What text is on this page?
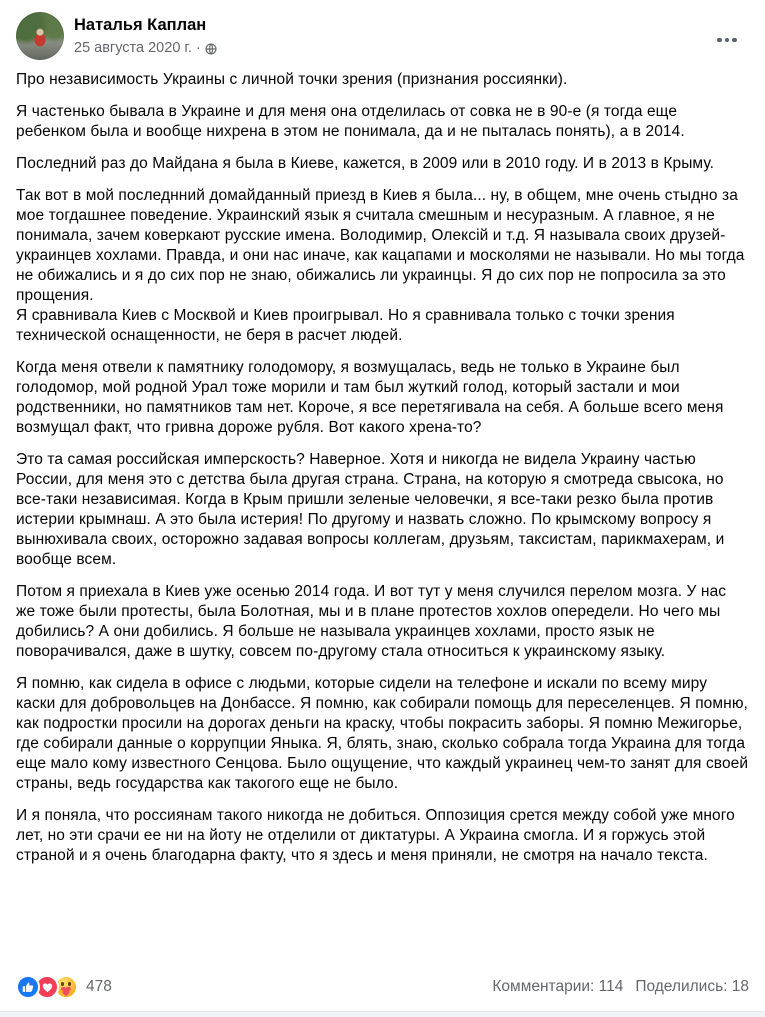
Наталья Каплан
25 августа 2020 г. ·

Про независимость Украины с личной точки зрения (признания россиянки).

Я частенько бывала в Украине и для меня она отделилась от совка не в 90-е (я тогда еще ребенком была и вообще нихрена в этом не понимала, да и не пыталась понять), а в 2014.

Последний раз до Майдана я была в Киеве, кажется, в 2009 или в 2010 году. И в 2013 в Крыму.

Так вот в мой последнний домайданный приезд в Киев я была... ну, в общем, мне очень стыдно за мое тогдашнее поведение. Украинский язык я считала смешным и несуразным. А главное, я не понимала, зачем коверкают русские имена. Володимир, Олексій и т.д. Я называла своих друзей-украинцев хохлами. Правда, и они нас иначе, как кацапами и москолями не называли. Но мы тогда не обижались и я до сих пор не знаю, обижались ли украинцы. Я до сих пор не попросила за это прощения.
Я сравнивала Киев с Москвой и Киев проигрывал. Но я сравнивала только с точки зрения технической оснащенности, не беря в расчет людей.

Когда меня отвели к памятнику голодомору, я возмущалась, ведь не только в Украине был голодомор, мой родной Урал тоже морили и там был жуткий голод, который застали и мои родственники, но памятников там нет. Короче, я все перетягивала на себя. А больше всего меня возмущал факт, что гривна дороже рубля. Вот какого хрена-то?

Это та самая российская имперскость? Наверное. Хотя и никогда не видела Украину частью России, для меня это с детства была другая страна. Страна, на которую я смотреда свысока, но все-таки независимая. Когда в Крым пришли зеленые человечки, я все-таки резко была против истерии крымнаш. А это была истерия! По другому и назвать сложно. По крымскому вопросу я вынюхивала своих, осторожно задавая вопросы коллегам, друзьям, таксистам, парикмахерам, и вообще всем.

Потом я приехала в Киев уже осенью 2014 года. И вот тут у меня случился перелом мозга. У нас же тоже были протесты, была Болотная, мы и в плане протестов хохлов опередели. Но чего мы добились? А они добились. Я больше не называла украинцев хохлами, просто язык не поворачивался, даже в шутку, совсем по-другому стала относиться к украинскому языку.

Я помню, как сидела в офисе с людьми, которые сидели на телефоне и искали по всему миру каски для добровольцев на Донбассе. Я помню, как собирали помощь для переселенцев. Я помню, как подростки просили на дорогах деньги на краску, чтобы покрасить заборы. Я помню Межигорье, где собирали данные о коррупции Яныка. Я, блять, знаю, сколько собрала тогда Украина для тогда еще мало кому известного Сенцова. Было ощущение, что каждый украинец чем-то занят для своей страны, ведь государства как такогого еще не было.

И я поняла, что россиянам такого никогда не добиться. Оппозиция срется между собой уже много лет, но эти срачи ее ни на йоту не отделили от диктатуры. А Украина смогла. И я горжусь этой страной и я очень благодарна факту, что я здесь и меня приняли, не смотря на начало текста.

478	Комментарии: 114 Поделились: 18
